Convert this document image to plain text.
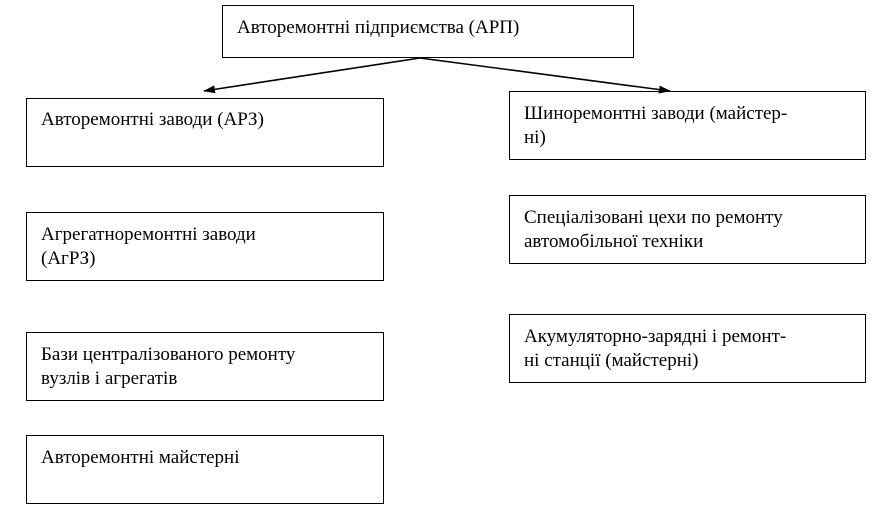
Авторемонтні підприємства (АРП)
Авторемонтні заводи (АРЗ)
Агрегатноремонтні заводи
(АгРЗ)
Бази централізованого ремонту
вузлів і агрегатів
Авторемонтні майстерні
Шиноремонтні заводи (майстер-
ні)
Спеціалізовані цехи по ремонту
автомобільної техніки
Акумуляторно-зарядні і ремонт-
ні станції (майстерні)
